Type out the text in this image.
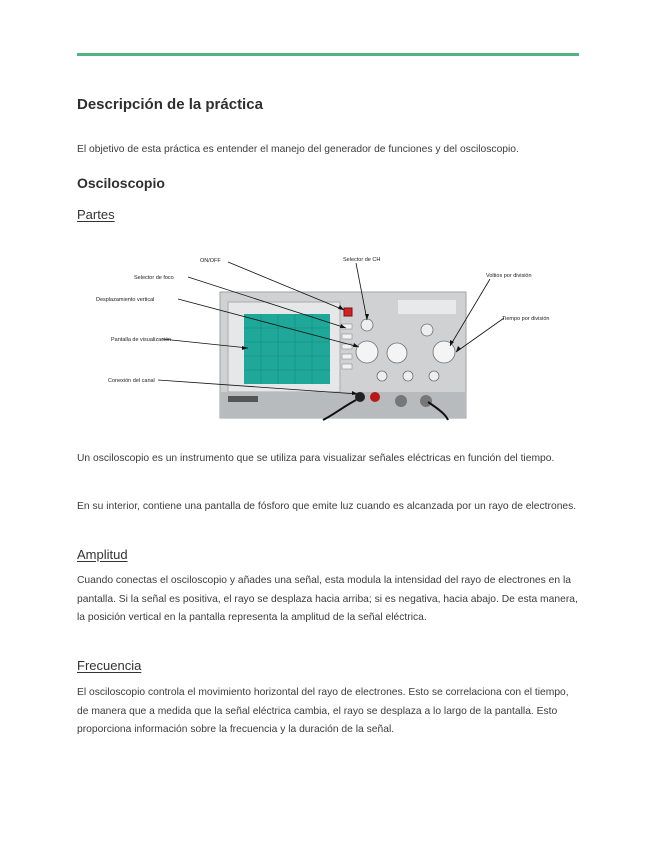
Descripción de la práctica
El objetivo de esta práctica es entender el manejo del generador de funciones y del osciloscopio.
Osciloscopio
Partes
ON/OFF
Selector de foco
Selector de CH
Desplazamiento vertical
Pantalla de visualización
Conexión del canal
Voltios por división
Tiempo por división
Un osciloscopio es un instrumento que se utiliza para visualizar señales eléctricas en función del tiempo.
En su interior, contiene una pantalla de fósforo que emite luz cuando es alcanzada por un rayo de electrones.
Amplitud
Cuando conectas el osciloscopio y añades una señal, esta modula la intensidad del rayo de electrones en la pantalla. Si la señal es positiva, el rayo se desplaza hacia arriba; si es negativa, hacia abajo. De esta manera, la posición vertical en la pantalla representa la amplitud de la señal eléctrica.
Frecuencia
El osciloscopio controla el movimiento horizontal del rayo de electrones. Esto se correlaciona con el tiempo, de manera que a medida que la señal eléctrica cambia, el rayo se desplaza a lo largo de la pantalla. Esto proporciona información sobre la frecuencia y la duración de la señal.
